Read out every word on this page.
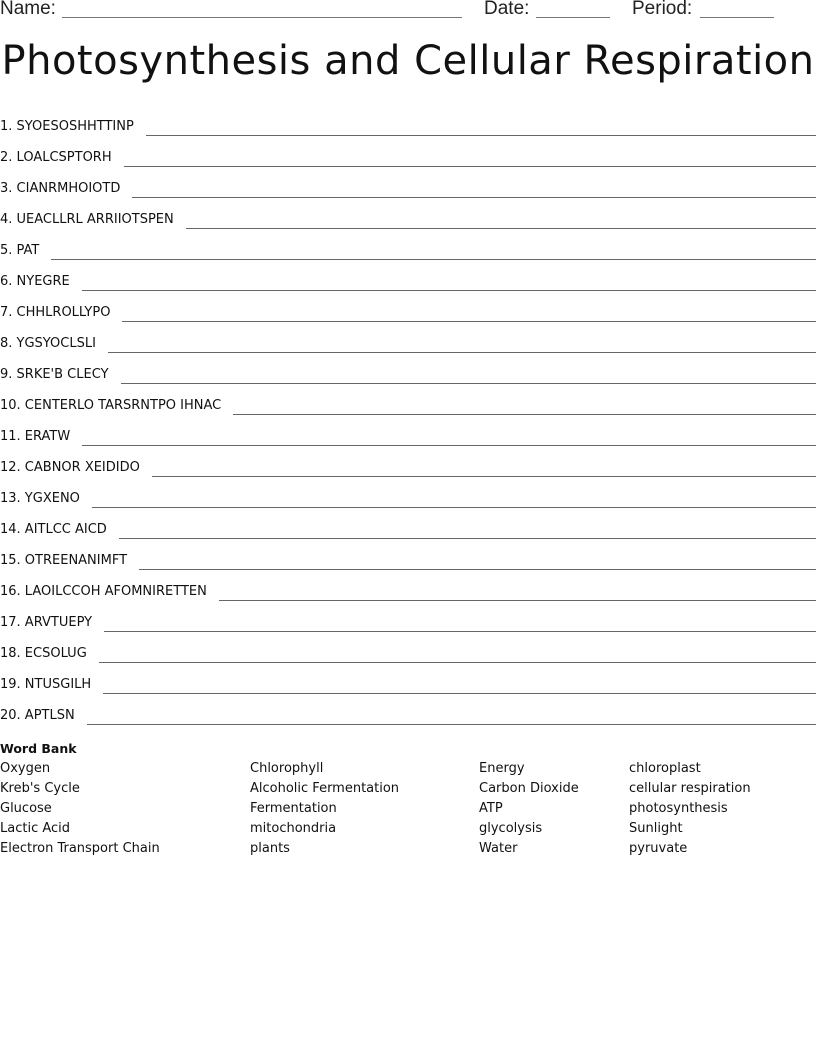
Name:	Date:	Period:
Photosynthesis and Cellular Respiration
1. SYOESOSHHTTINP
2. LOALCSPTORH
3. CIANRMHOIOTD
4. UEACLLRL ARRIIOTSPEN
5. PAT
6. NYEGRE
7. CHHLROLLYPO
8. YGSYOCLSLI
9. SRKE'B CLECY
10. CENTERLO TARSRNTPO IHNAC
11. ERATW
12. CABNOR XEIDIDO
13. YGXENO
14. AITLCC AICD
15. OTREENANIMFT
16. LAOILCCOH AFOMNIRETTEN
17. ARVTUEPY
18. ECSOLUG
19. NTUSGILH
20. APTLSN
Word Bank
Oxygen
Kreb's Cycle
Glucose
Lactic Acid
Electron Transport Chain
Chlorophyll
Alcoholic Fermentation
Fermentation
mitochondria
plants
Energy
Carbon Dioxide
ATP
glycolysis
Water
chloroplast
cellular respiration
photosynthesis
Sunlight
pyruvate
